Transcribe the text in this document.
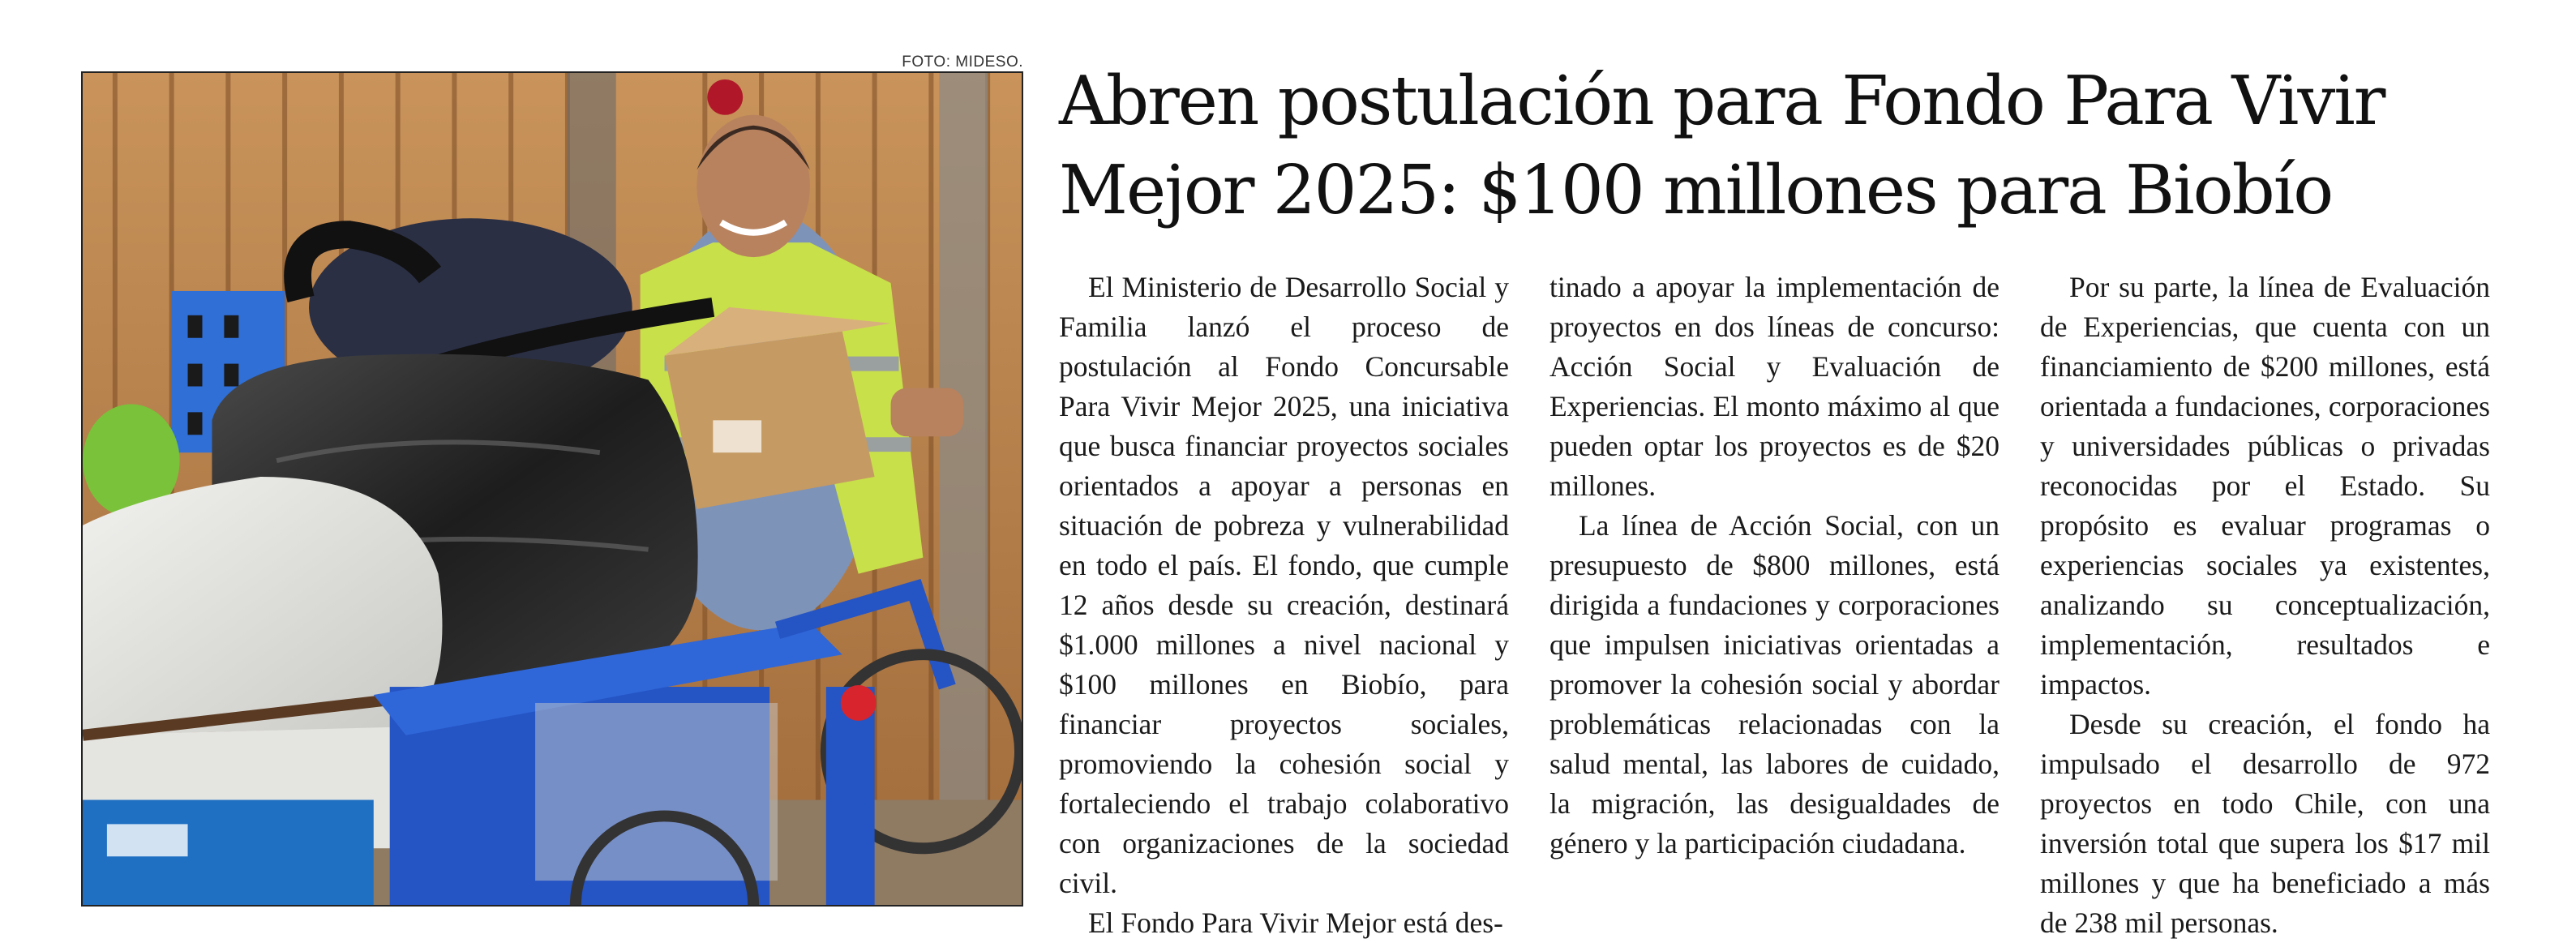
FOTO: MIDESO. Abren postulación para Fondo Para Vivir Mejor 2025: $100 millones para Biobío

El Ministerio de Desarrollo Social y Familia lanzó el proceso de postulación al Fondo Concursable Para Vivir Mejor 2025, una iniciativa que busca financiar proyectos sociales orientados a apoyar a personas en situación de pobreza y vulnerabilidad en todo el país. El fondo, que cumple 12 años desde su creación, destinará $1.000 millones a nivel nacional y $100 millones en Biobío, para financiar proyectos sociales, promoviendo la cohesión social y fortaleciendo el trabajo colaborativo con organizaciones de la sociedad civil.

El Fondo Para Vivir Mejor está des-

tinado a apoyar la implementación de proyectos en dos líneas de concurso: Acción Social y Evaluación de Experiencias. El monto máximo al que pueden optar los proyectos es de $20 millones.

La línea de Acción Social, con un presupuesto de $800 millones, está dirigida a fundaciones y corporaciones que impulsen iniciativas orientadas a promover la cohesión social y abordar problemáticas relacionadas con la salud mental, las labores de cuidado, la migración, las desigualdades de género y la participación ciudadana.

Por su parte, la línea de Evaluación de Experiencias, que cuenta con un financiamiento de $200 millones, está orientada a fundaciones, corporaciones y universidades públicas o privadas reconocidas por el Estado. Su propósito es evaluar programas o experiencias sociales ya existentes, analizando su conceptualización, implementación, resultados e impactos.

Desde su creación, el fondo ha impulsado el desarrollo de 972 proyectos en todo Chile, con una inversión total que supera los $17 mil millones y que ha beneficiado a más de 238 mil personas.
